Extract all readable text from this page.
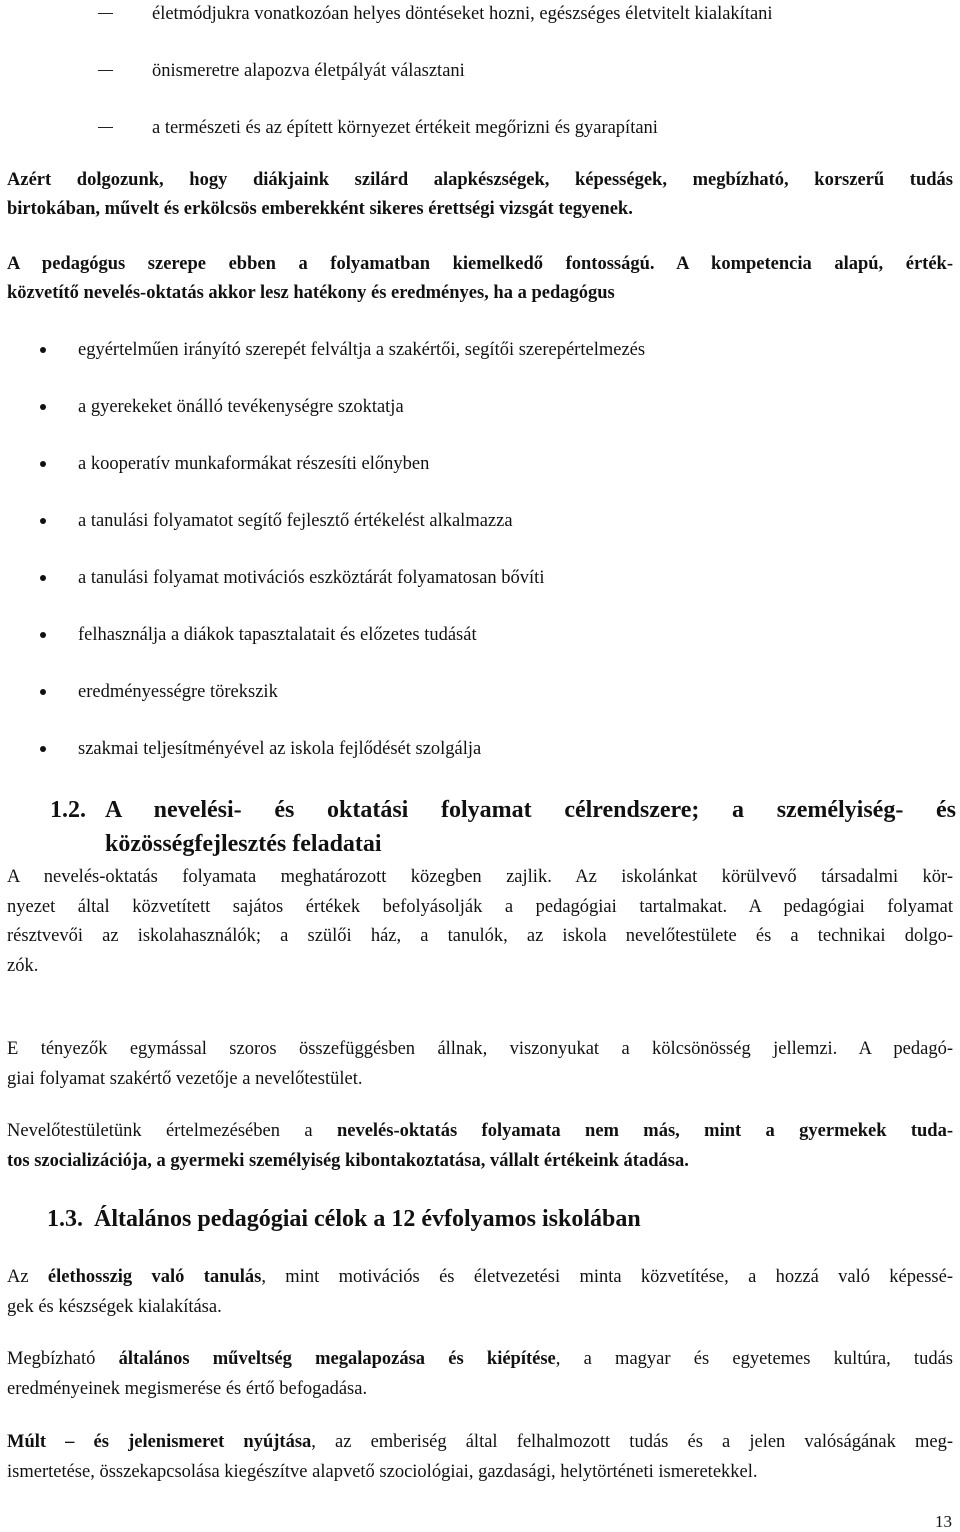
életmódjukra vonatkozóan helyes döntéseket hozni, egészséges életvitelt kialakítani
önismeretre alapozva életpályát választani
a természeti és az épített környezet értékeit megőrizni és gyarapítani
Azért dolgozunk, hogy diákjaink szilárd alapkészségek, képességek, megbízható, korszerű tudás
birtokában, művelt és erkölcsös emberekként sikeres érettségi vizsgát tegyenek.
A pedagógus szerepe ebben a folyamatban kiemelkedő fontosságú. A kompetencia alapú, érték-
közvetítő nevelés-oktatás akkor lesz hatékony és eredményes, ha a pedagógus
egyértelműen irányító szerepét felváltja a szakértői, segítői szerepértelmezés
a gyerekeket önálló tevékenységre szoktatja
a kooperatív munkaformákat részesíti előnyben
a tanulási folyamatot segítő fejlesztő értékelést alkalmazza
a tanulási folyamat motivációs eszköztárát folyamatosan bővíti
felhasználja a diákok tapasztalatait és előzetes tudását
eredményességre törekszik
szakmai teljesítményével az iskola fejlődését szolgálja
1.2. A nevelési- és oktatási folyamat célrendszere; a személyiség- és
közösségfejlesztés feladatai
A nevelés-oktatás folyamata meghatározott közegben zajlik. Az iskolánkat körülvevő társadalmi kör-
nyezet által közvetített sajátos értékek befolyásolják a pedagógiai tartalmakat. A pedagógiai folyamat
résztvevői az iskolahasználók; a szülői ház, a tanulók, az iskola nevelőtestülete és a technikai dolgo-
zók.
E tényezők egymással szoros összefüggésben állnak, viszonyukat a kölcsönösség jellemzi. A pedagó-
giai folyamat szakértő vezetője a nevelőtestület.
Nevelőtestületünk értelmezésében a nevelés-oktatás folyamata nem más, mint a gyermekek tuda-
tos szocializációja, a gyermeki személyiség kibontakoztatása, vállalt értékeink átadása.
1.3. Általános pedagógiai célok a 12 évfolyamos iskolában
Az élethosszig való tanulás, mint motivációs és életvezetési minta közvetítése, a hozzá való képessé-
gek és készségek kialakítása.
Megbízható általános műveltség megalapozása és kiépítése, a magyar és egyetemes kultúra, tudás
eredményeinek megismerése és értő befogadása.
Múlt – és jelenismeret nyújtása, az emberiség által felhalmozott tudás és a jelen valóságának meg-
ismertetése, összekapcsolása kiegészítve alapvető szociológiai, gazdasági, helytörténeti ismeretekkel.
13
